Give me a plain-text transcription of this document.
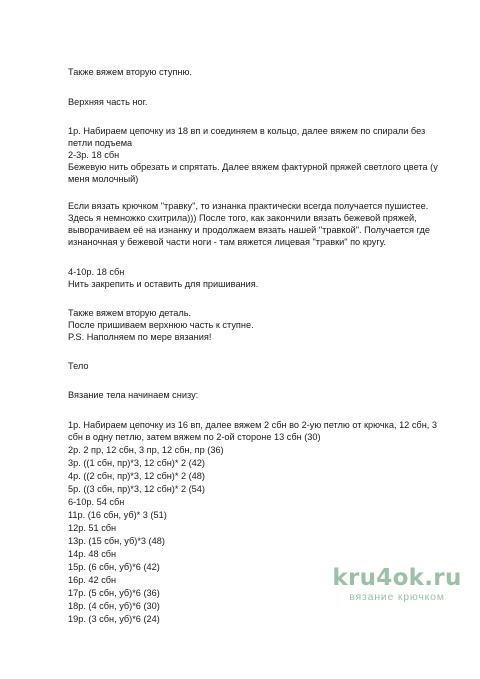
Также вяжем вторую ступню.
Верхняя часть ног.
1р. Набираем цепочку из 18 вп и соединяем в кольцо, далее вяжем по спирали без
петли подъема
2-3р. 18 сбн
Бежевую нить обрезать и спрятать. Далее вяжем фактурной пряжей светлого цвета (у
меня молочный)
Если вязать крючком "травку", то изнанка практически всегда получается пушистее.
Здесь я немножко схитрила))) После того, как закончили вязать бежевой пряжей,
выворачиваем её на изнанку и продолжаем вязать нашей "травкой". Получается где
изнаночная у бежевой части ноги - там вяжется лицевая "травки" по кругу.
4-10р. 18 сбн
Нить закрепить и оставить для пришивания.
Также вяжем вторую деталь.
После пришиваем верхнюю часть к ступне.
P.S. Наполняем по мере вязания!
Тело
Вязание тела начинаем снизу:
1р. Набираем цепочку из 16 вп, далее вяжем 2 сбн во 2-ую петлю от крючка, 12 сбн, 3
сбн в одну петлю, затем вяжем по 2-ой стороне 13 сбн (30)
2р. 2 пр, 12 сбн, 3 пр, 12 сбн, пр (36)
3р. ((1 сбн, пр)*3, 12 сбн)* 2 (42)
4р. ((2 сбн, пр)*3, 12 сбн)* 2 (48)
5р. ((3 сбн, пр)*3, 12 сбн)* 2 (54)
6-10р. 54 сбн
11р. (16 сбн, уб)* 3 (51)
12р. 51 сбн
13р. (15 сбн, уб)*3 (48)
14р. 48 сбн
15р. (6 сбн, уб)*6 (42)
16р. 42 сбн
17р. (5 сбн, уб)*6 (36)
18р. (4 сбн, уб)*6 (30)
19р. (3 сбн, уб)*6 (24)
kru4ok.ru
вязание крючком
